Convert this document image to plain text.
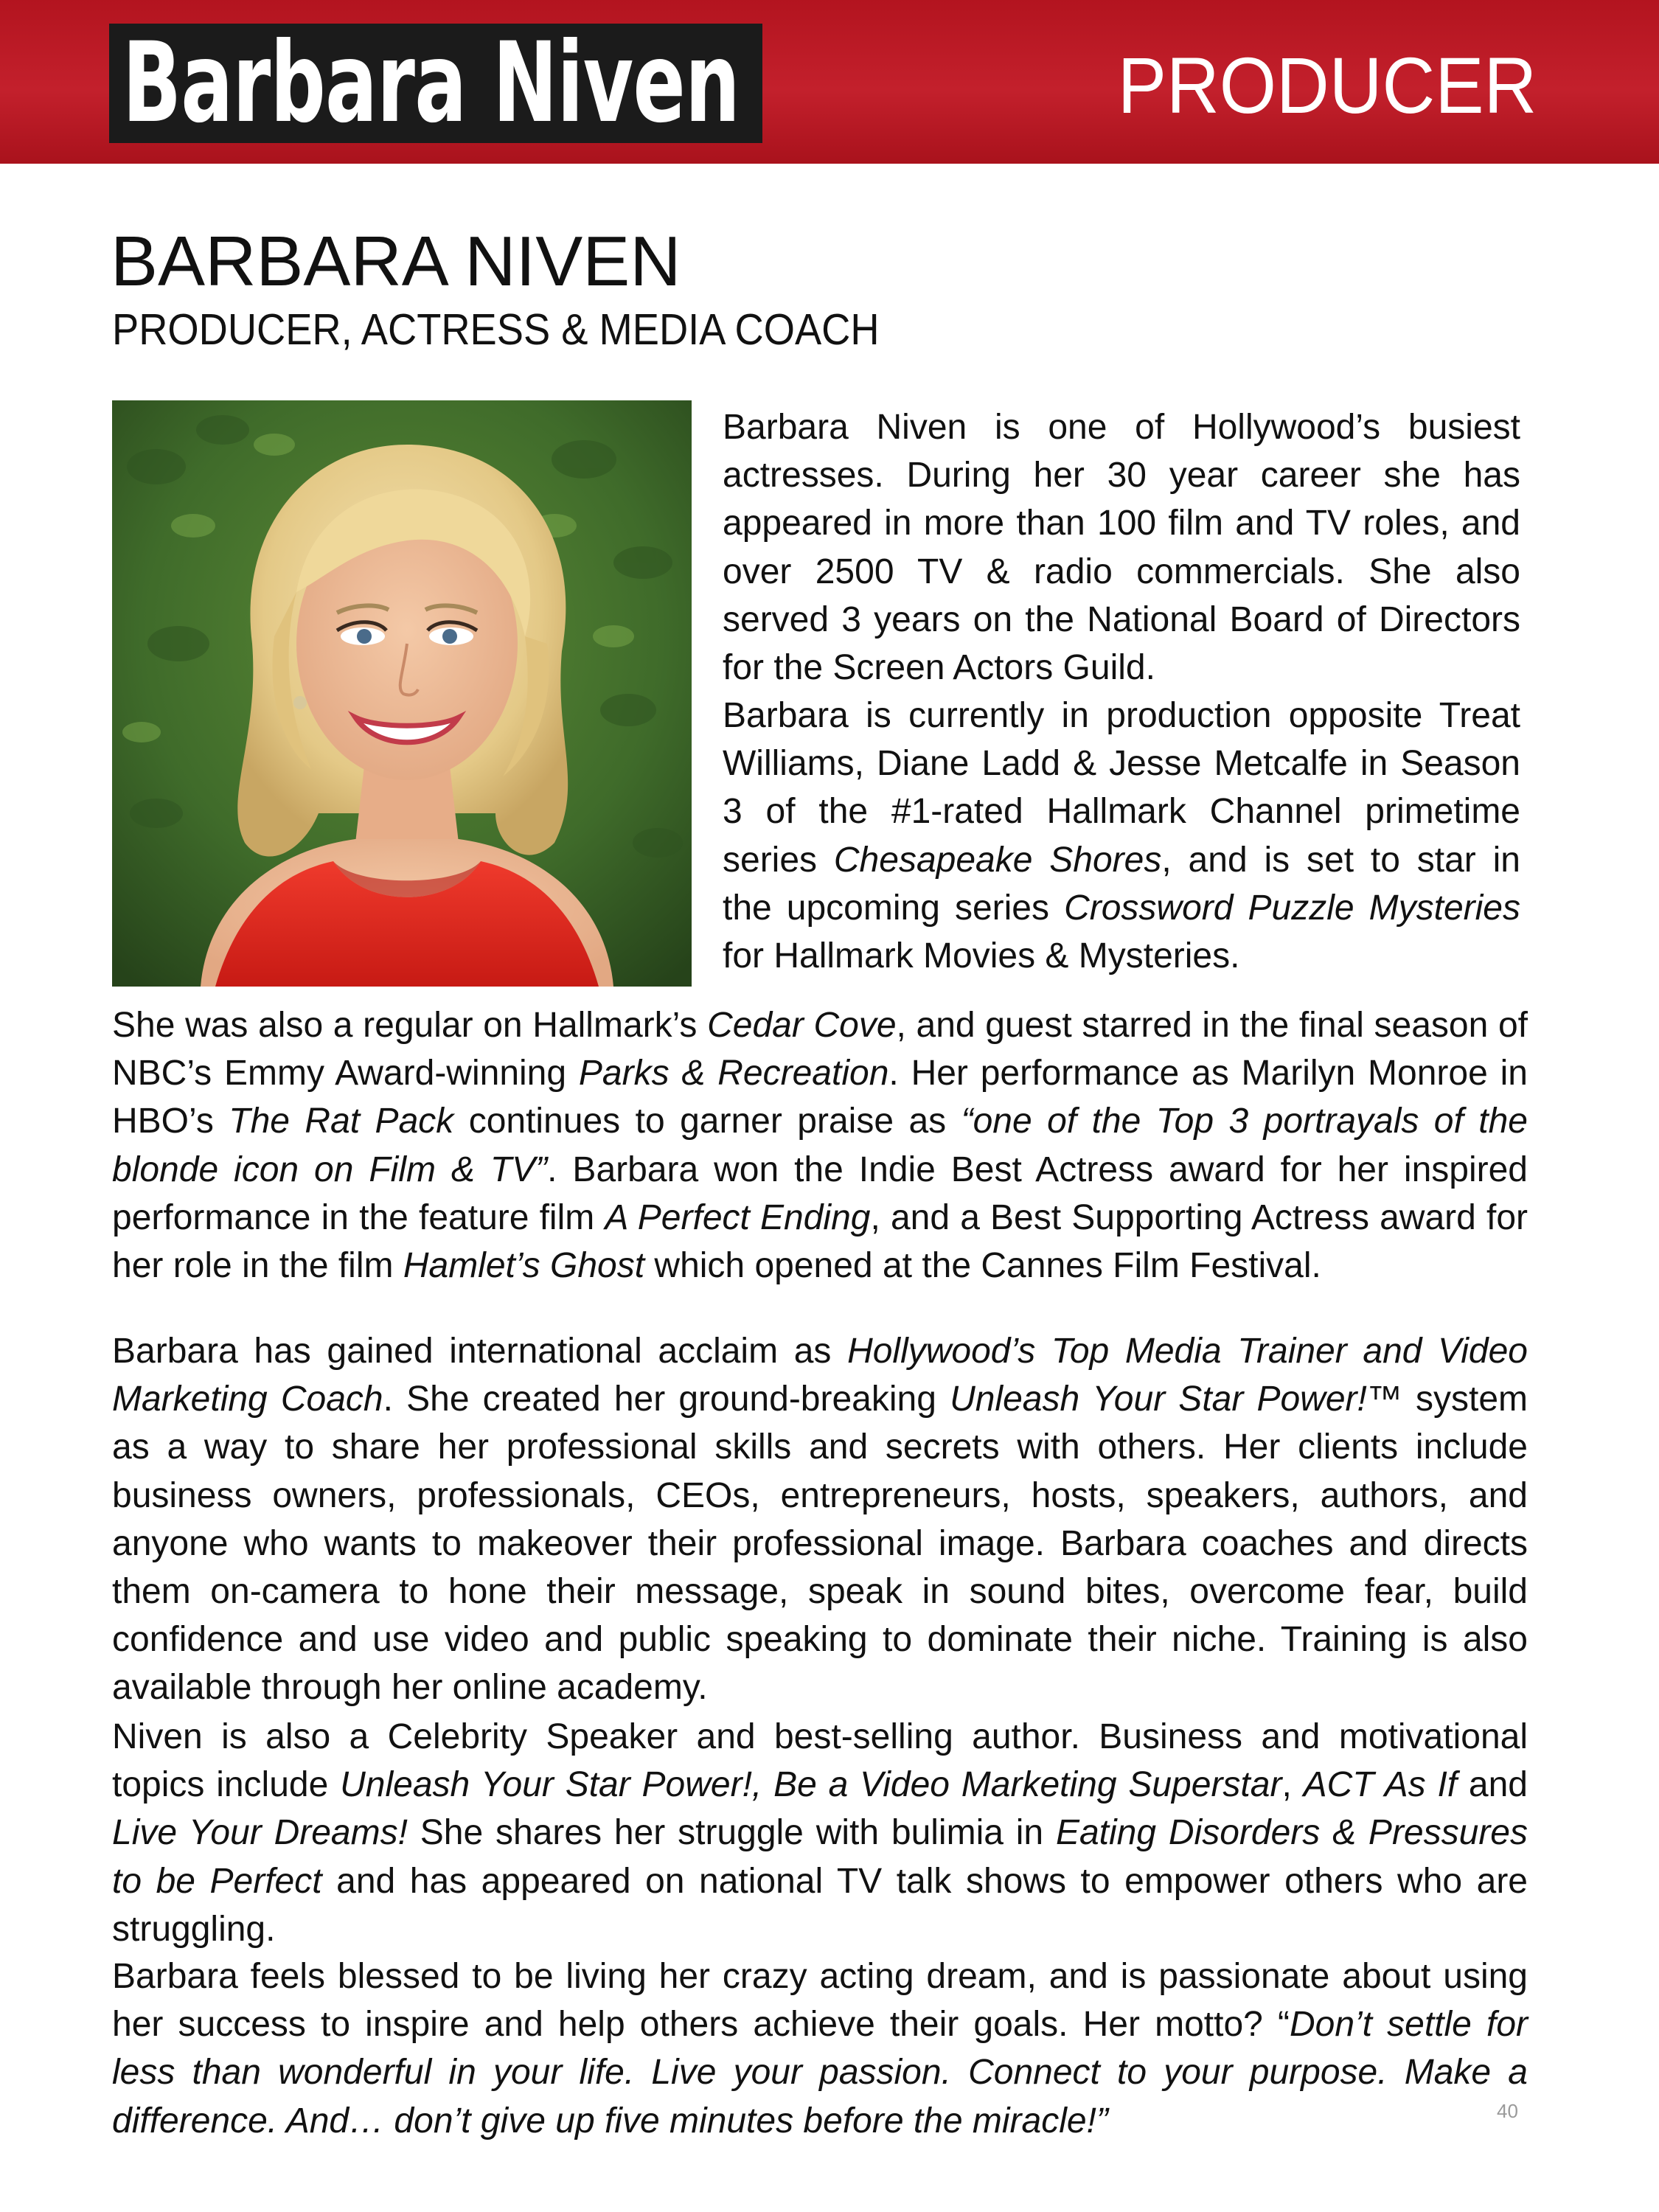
Barbara Niven	PRODUCER
BARBARA NIVEN
PRODUCER, ACTRESS & MEDIA COACH

Barbara Niven is one of Hollywood’s busiest actresses. During her 30 year career she has appeared in more than 100 film and TV roles, and over 2500 TV & radio commercials. She also served 3 years on the National Board of Directors for the Screen Actors Guild.

Barbara is currently in production opposite Treat Williams, Diane Ladd & Jesse Metcalfe in Season 3 of the #1-rated Hallmark Channel primetime series Chesapeake Shores, and is set to star in the upcoming series Crossword Puzzle Mysteries for Hallmark Movies & Mysteries.

She was also a regular on Hallmark’s Cedar Cove, and guest starred in the final season of NBC’s Emmy Award-winning Parks & Recreation. Her performance as Marilyn Monroe in HBO’s The Rat Pack continues to garner praise as “one of the Top 3 portrayals of the blonde icon on Film & TV”. Barbara won the Indie Best Actress award for her inspired performance in the feature film A Perfect Ending, and a Best Supporting Actress award for her role in the film Hamlet’s Ghost which opened at the Cannes Film Festival.

Barbara has gained international acclaim as Hollywood’s Top Media Trainer and Video Marketing Coach. She created her ground-breaking Unleash Your Star Power!™ system as a way to share her professional skills and secrets with others. Her clients include business owners, professionals, CEOs, entrepreneurs, hosts, speakers, authors, and anyone who wants to makeover their professional image. Barbara coaches and directs them on-camera to hone their message, speak in sound bites, overcome fear, build confidence and use video and public speaking to dominate their niche. Training is also available through her online academy.

Niven is also a Celebrity Speaker and best-selling author. Business and motivational topics include Unleash Your Star Power!, Be a Video Marketing Superstar, ACT As If and Live Your Dreams! She shares her struggle with bulimia in Eating Disorders & Pressures to be Perfect and has appeared on national TV talk shows to empower others who are struggling.

Barbara feels blessed to be living her crazy acting dream, and is passionate about using her success to inspire and help others achieve their goals. Her motto? “Don’t settle for less than wonderful in your life. Live your passion. Connect to your purpose. Make a difference. And… don’t give up five minutes before the miracle!”	40
